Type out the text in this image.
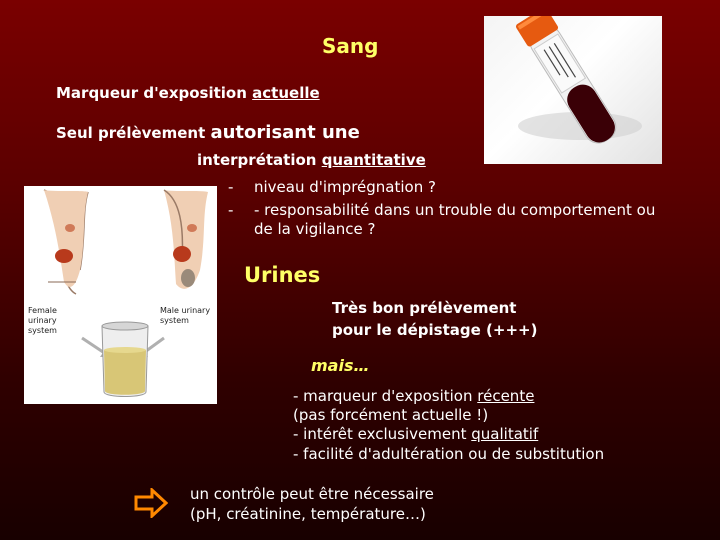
Sang
Marqueur d'exposition actuelle
Seul prélèvement autorisant une
interprétation quantitative
- niveau d'imprégnation ?
- - responsabilité dans un trouble du comportement ou
de la vigilance ?
Female urinary system
Male urinary system
Urines
Très bon prélèvement
pour le dépistage (+++)
mais…
- marqueur d'exposition récente
(pas forcément actuelle !)
- intérêt exclusivement qualitatif
- facilité d'adultération ou de substitution
un contrôle peut être nécessaire
(pH, créatinine, température…)
